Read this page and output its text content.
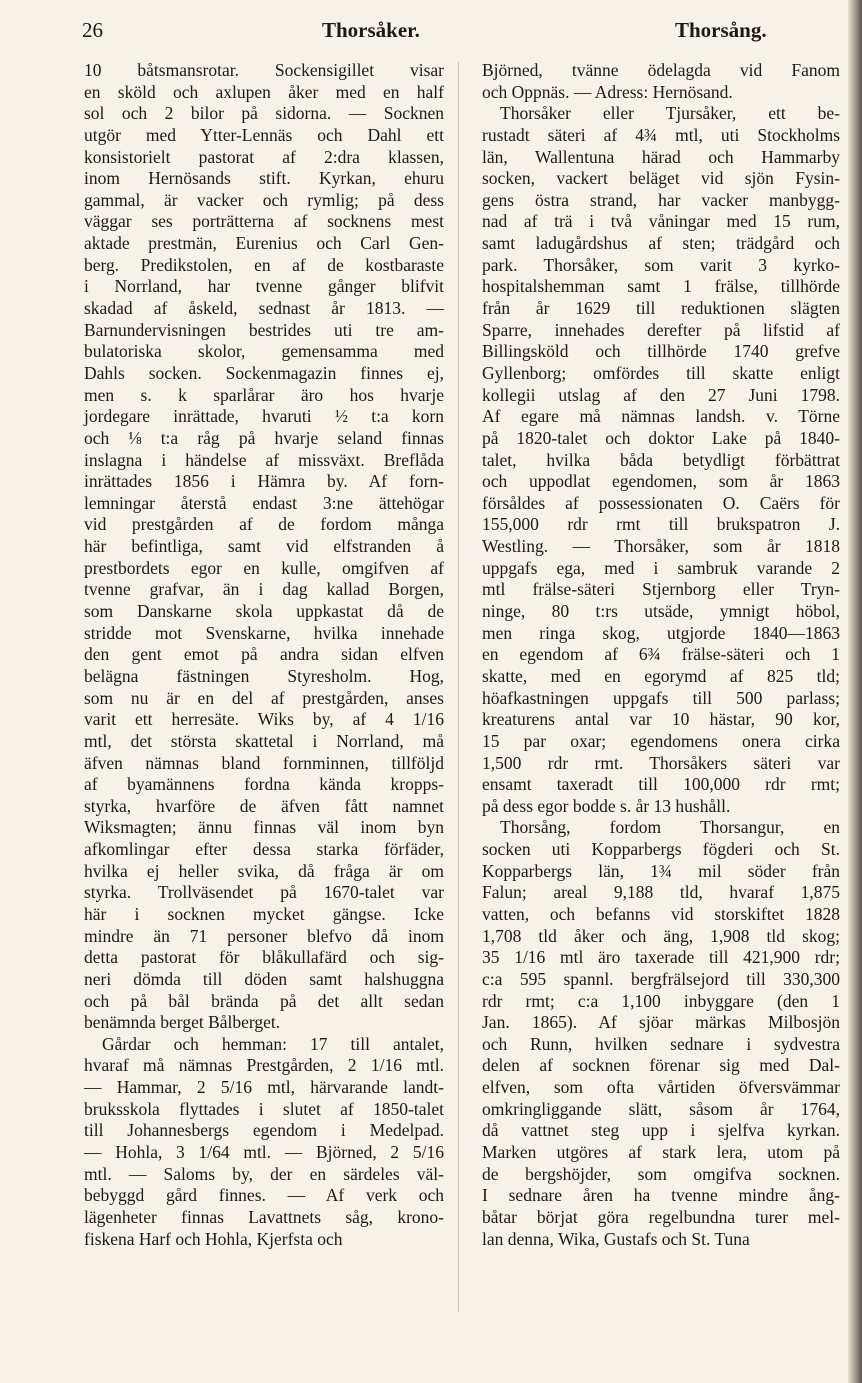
26	Thorsåker.	Thorsång.
10 båtsmansrotar. Sockensigillet visar
en sköld och axlupen åker med en half
sol och 2 bilor på sidorna. — Socknen
utgör med Ytter-Lennäs och Dahl ett
konsistorielt pastorat af 2:dra klassen,
inom Hernösands stift. Kyrkan, ehuru
gammal, är vacker och rymlig; på dess
väggar ses porträtterna af socknens mest
aktade prestmän, Eurenius och Carl Gen-
berg. Predikstolen, en af de kostbaraste
i Norrland, har tvenne gånger blifvit
skadad af åskeld, sednast år 1813. —
Barnundervisningen bestrides uti tre am-
bulatoriska skolor, gemensamma med
Dahls socken. Sockenmagazin finnes ej,
men s. k sparlårar äro hos hvarje
jordegare inrättade, hvaruti ½ t:a korn
och ⅛ t:a råg på hvarje seland finnas
inslagna i händelse af missväxt. Breflåda
inrättades 1856 i Hämra by. Af forn-
lemningar återstå endast 3:ne ättehögar
vid prestgården af de fordom många
här befintliga, samt vid elfstranden å
prestbordets egor en kulle, omgifven af
tvenne grafvar, än i dag kallad Borgen,
som Danskarne skola uppkastat då de
stridde mot Svenskarne, hvilka innehade
den gent emot på andra sidan elfven
belägna fästningen Styresholm. Hog,
som nu är en del af prestgården, anses
varit ett herresäte. Wiks by, af 4 1/16
mtl, det största skattetal i Norrland, må
äfven nämnas bland fornminnen, tillföljd
af byamännens fordna kända kropps-
styrka, hvarföre de äfven fått namnet
Wiksmagten; ännu finnas väl inom byn
afkomlingar efter dessa starka förfäder,
hvilka ej heller svika, då fråga är om
styrka. Trollväsendet på 1670-talet var
här i socknen mycket gängse. Icke
mindre än 71 personer blefvo då inom
detta pastorat för blåkullafärd och sig-
neri dömda till döden samt halshuggna
och på bål brända på det allt sedan
benämnda berget Bålberget.
Gårdar och hemman: 17 till antalet,
hvaraf må nämnas Prestgården, 2 1/16 mtl.
— Hammar, 2 5/16 mtl, härvarande landt-
bruksskola flyttades i slutet af 1850-talet
till Johannesbergs egendom i Medelpad.
— Hohla, 3 1/64 mtl. — Björned, 2 5/16
mtl. — Saloms by, der en särdeles väl-
bebyggd gård finnes. — Af verk och
lägenheter finnas Lavattnets såg, krono-
fiskena Harf och Hohla, Kjerfsta och
Björned, tvänne ödelagda vid Fanom
och Oppnäs. — Adress: Hernösand.
Thorsåker eller Tjursåker, ett be-
rustadt säteri af 4¾ mtl, uti Stockholms
län, Wallentuna härad och Hammarby
socken, vackert beläget vid sjön Fysin-
gens östra strand, har vacker manbygg-
nad af trä i två våningar med 15 rum,
samt ladugårdshus af sten; trädgård och
park. Thorsåker, som varit 3 kyrko-
hospitalshemman samt 1 frälse, tillhörde
från år 1629 till reduktionen slägten
Sparre, innehades derefter på lifstid af
Billingsköld och tillhörde 1740 grefve
Gyllenborg; omfördes till skatte enligt
kollegii utslag af den 27 Juni 1798.
Af egare må nämnas landsh. v. Törne
på 1820-talet och doktor Lake på 1840-
talet, hvilka båda betydligt förbättrat
och uppodlat egendomen, som år 1863
försåldes af possessionaten O. Caërs för
155,000 rdr rmt till brukspatron J.
Westling. — Thorsåker, som år 1818
uppgafs ega, med i sambruk varande 2
mtl frälse-säteri Stjernborg eller Tryn-
ninge, 80 t:rs utsäde, ymnigt höbol,
men ringa skog, utgjorde 1840—1863
en egendom af 6¾ frälse-säteri och 1
skatte, med en egorymd af 825 tld;
höafkastningen uppgafs till 500 parlass;
kreaturens antal var 10 hästar, 90 kor,
15 par oxar; egendomens onera cirka
1,500 rdr rmt. Thorsåkers säteri var
ensamt taxeradt till 100,000 rdr rmt;
på dess egor bodde s. år 13 hushåll.
Thorsång, fordom Thorsangur, en
socken uti Kopparbergs fögderi och St.
Kopparbergs län, 1¾ mil söder från
Falun; areal 9,188 tld, hvaraf 1,875
vatten, och befanns vid storskiftet 1828
1,708 tld åker och äng, 1,908 tld skog;
35 1/16 mtl äro taxerade till 421,900 rdr;
c:a 595 spannl. bergfrälsejord till 330,300
rdr rmt; c:a 1,100 inbyggare (den 1
Jan. 1865). Af sjöar märkas Milbosjön
och Runn, hvilken sednare i sydvestra
delen af socknen förenar sig med Dal-
elfven, som ofta vårtiden öfversvämmar
omkringliggande slätt, såsom år 1764,
då vattnet steg upp i sjelfva kyrkan.
Marken utgöres af stark lera, utom på
de bergshöjder, som omgifva socknen.
I sednare åren ha tvenne mindre ång-
båtar börjat göra regelbundna turer mel-
lan denna, Wika, Gustafs och St. Tuna
